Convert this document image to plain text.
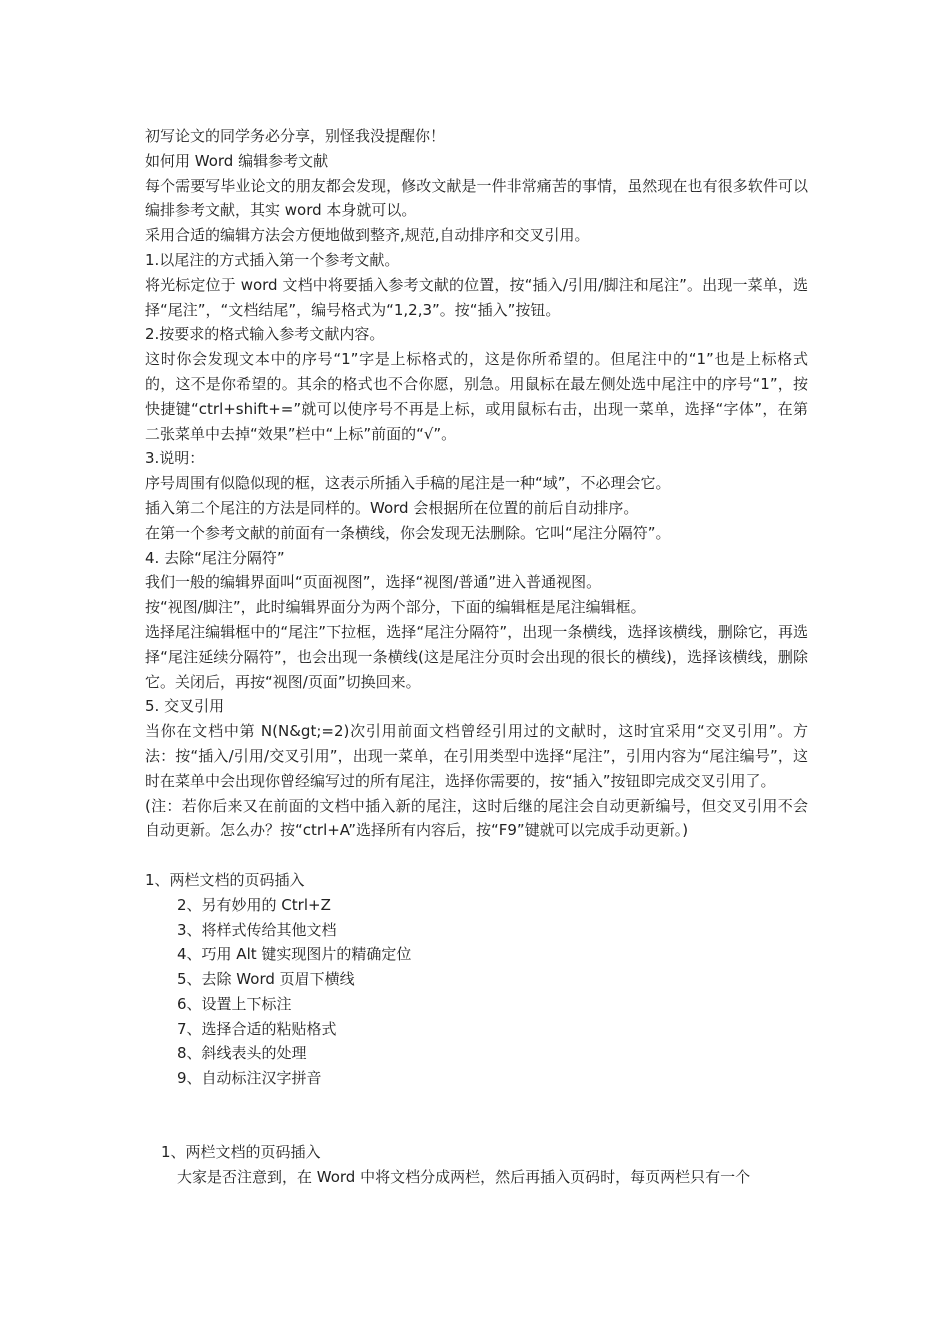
初写论文的同学务必分享，别怪我没提醒你！

如何用 Word 编辑参考文献

每个需要写毕业论文的朋友都会发现，修改文献是一件非常痛苦的事情，虽然现在也有很多软件可以编排参考文献，其实 word 本身就可以。

采用合适的编辑方法会方便地做到整齐,规范,自动排序和交叉引用。

1.以尾注的方式插入第一个参考文献。

将光标定位于 word 文档中将要插入参考文献的位置，按“插入/引用/脚注和尾注”。出现一菜单，选择“尾注”，“文档结尾”，编号格式为“1,2,3”。按“插入”按钮。

2.按要求的格式输入参考文献内容。

这时你会发现文本中的序号“1”字是上标格式的，这是你所希望的。但尾注中的“1”也是上标格式的，这不是你希望的。其余的格式也不合你愿，别急。用鼠标在最左侧处选中尾注中的序号“1”，按快捷键“ctrl+shift+=”就可以使序号不再是上标，或用鼠标右击，出现一菜单，选择“字体”，在第二张菜单中去掉“效果”栏中“上标”前面的“√”。

3.说明：

序号周围有似隐似现的框，这表示所插入手稿的尾注是一种“域”，不必理会它。

插入第二个尾注的方法是同样的。Word 会根据所在位置的前后自动排序。

在第一个参考文献的前面有一条横线，你会发现无法删除。它叫“尾注分隔符”。

4. 去除“尾注分隔符”

我们一般的编辑界面叫“页面视图”，选择“视图/普通”进入普通视图。

按“视图/脚注”，此时编辑界面分为两个部分，下面的编辑框是尾注编辑框。

选择尾注编辑框中的“尾注”下拉框，选择“尾注分隔符”，出现一条横线，选择该横线，删除它，再选择“尾注延续分隔符”，也会出现一条横线(这是尾注分页时会出现的很长的横线)，选择该横线，删除它。关闭后，再按“视图/页面”切换回来。

5. 交叉引用

当你在文档中第 N(N&gt;=2)次引用前面文档曾经引用过的文献时，这时宜采用“交叉引用”。方法：按“插入/引用/交叉引用”，出现一菜单，在引用类型中选择“尾注”，引用内容为“尾注编号”，这时在菜单中会出现你曾经编写过的所有尾注，选择你需要的，按“插入”按钮即完成交叉引用了。

(注：若你后来又在前面的文档中插入新的尾注，这时后继的尾注会自动更新编号，但交叉引用不会自动更新。怎么办？按“ctrl+A”选择所有内容后，按“F9”键就可以完成手动更新。)

1、两栏文档的页码插入

2、另有妙用的 Ctrl+Z

3、将样式传给其他文档

4、巧用 Alt 键实现图片的精确定位

5、去除 Word 页眉下横线

6、设置上下标注

7、选择合适的粘贴格式

8、斜线表头的处理

9、自动标注汉字拼音

1、两栏文档的页码插入

大家是否注意到，在 Word 中将文档分成两栏，然后再插入页码时，每页两栏只有一个
